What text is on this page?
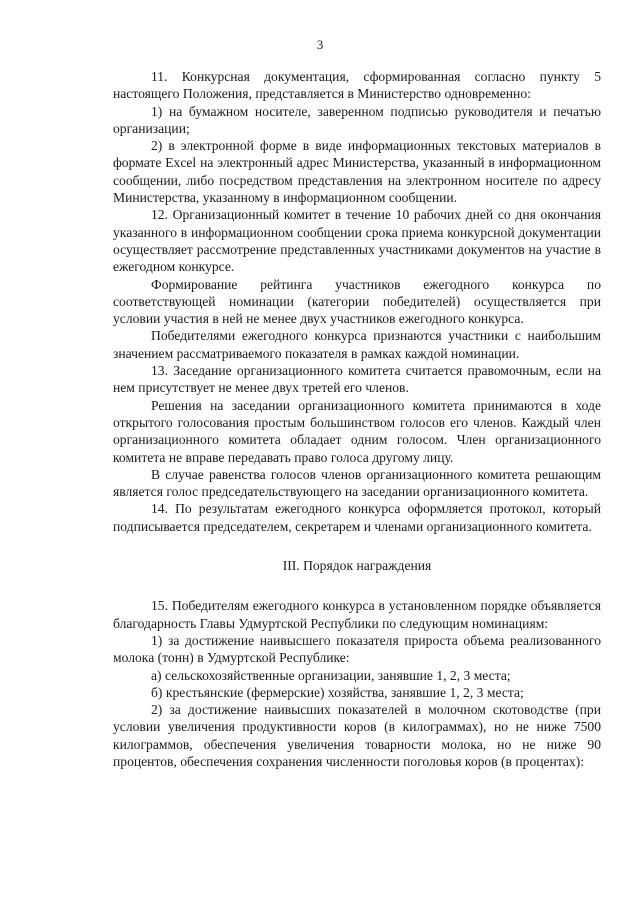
3

11. Конкурсная документация, сформированная согласно пункту 5 настоящего Положения, представляется в Министерство одновременно:

1) на бумажном носителе, заверенном подписью руководителя и печатью организации;

2) в электронной форме в виде информационных текстовых материалов в формате Excel на электронный адрес Министерства, указанный в информационном сообщении, либо посредством представления на электронном носителе по адресу Министерства, указанному в информационном сообщении.

12. Организационный комитет в течение 10 рабочих дней со дня окончания указанного в информационном сообщении срока приема конкурсной документации осуществляет рассмотрение представленных участниками документов на участие в ежегодном конкурсе.

Формирование рейтинга участников ежегодного конкурса по соответствующей номинации (категории победителей) осуществляется при условии участия в ней не менее двух участников ежегодного конкурса.

Победителями ежегодного конкурса признаются участники с наибольшим значением рассматриваемого показателя в рамках каждой номинации.

13. Заседание организационного комитета считается правомочным, если на нем присутствует не менее двух третей его членов.

Решения на заседании организационного комитета принимаются в ходе открытого голосования простым большинством голосов его членов. Каждый член организационного комитета обладает одним голосом. Член организационного комитета не вправе передавать право голоса другому лицу.

В случае равенства голосов членов организационного комитета решающим является голос председательствующего на заседании организационного комитета.

14. По результатам ежегодного конкурса оформляется протокол, который подписывается председателем, секретарем и членами организационного комитета.

III. Порядок награждения

15. Победителям ежегодного конкурса в установленном порядке объявляется благодарность Главы Удмуртской Республики по следующим номинациям:

1) за достижение наивысшего показателя прироста объема реализованного молока (тонн) в Удмуртской Республике:

а) сельскохозяйственные организации, занявшие 1, 2, 3 места;

б) крестьянские (фермерские) хозяйства, занявшие 1, 2, 3 места;

2) за достижение наивысших показателей в молочном скотоводстве (при условии увеличения продуктивности коров (в килограммах), но не ниже 7500 килограммов, обеспечения увеличения товарности молока, но не ниже 90 процентов, обеспечения сохранения численности поголовья коров (в процентах):
